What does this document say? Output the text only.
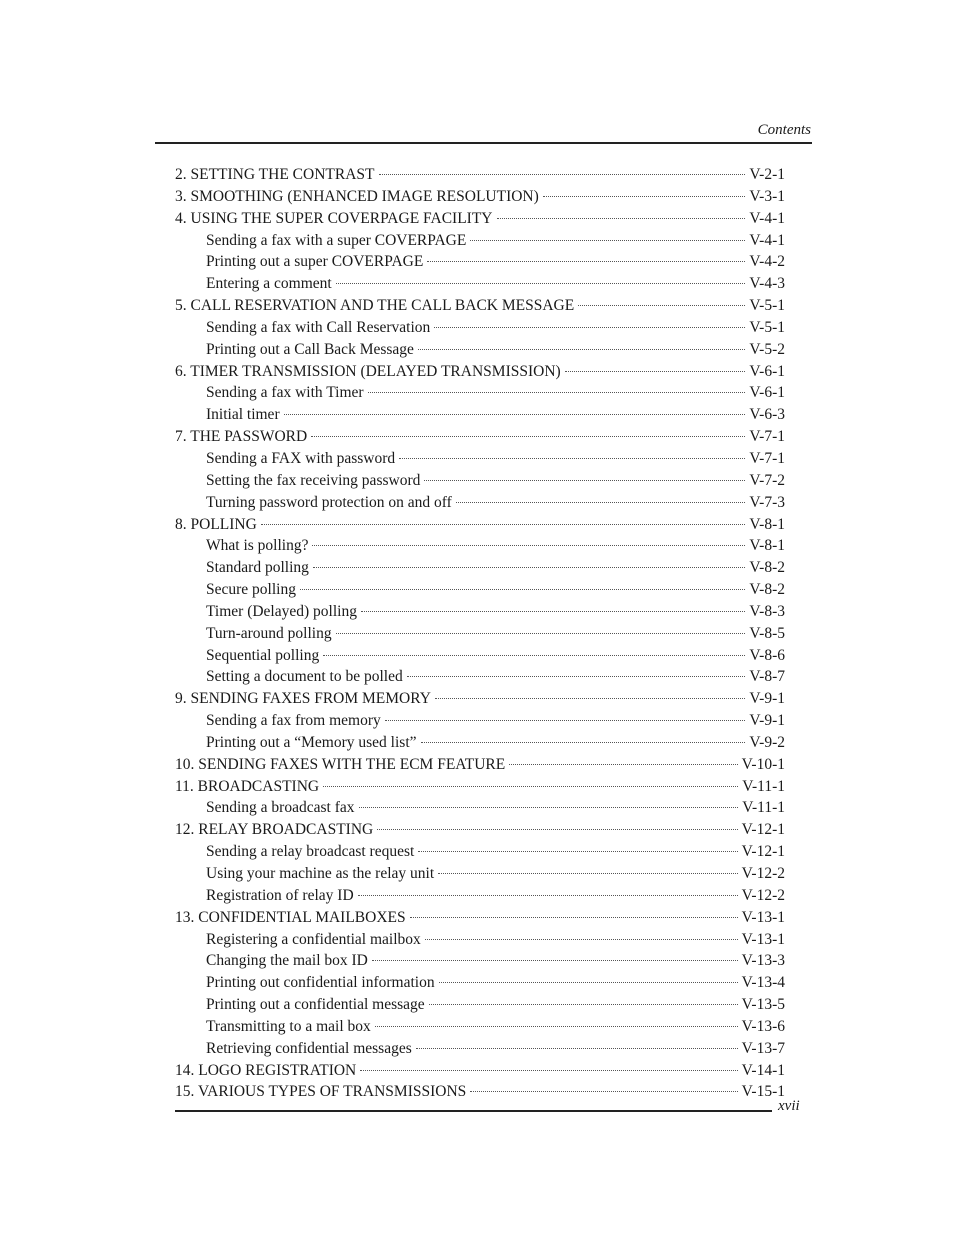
Contents
2. SETTING THE CONTRAST	V-2-1
3. SMOOTHING (ENHANCED IMAGE RESOLUTION)	V-3-1
4. USING THE SUPER COVERPAGE FACILITY	V-4-1
Sending a fax with a super COVERPAGE	V-4-1
Printing out a super COVERPAGE	V-4-2
Entering a comment	V-4-3
5. CALL RESERVATION AND THE CALL BACK MESSAGE	V-5-1
Sending a fax with Call Reservation	V-5-1
Printing out a Call Back Message	V-5-2
6. TIMER TRANSMISSION (DELAYED TRANSMISSION)	V-6-1
Sending a fax with Timer	V-6-1
Initial timer	V-6-3
7. THE PASSWORD	V-7-1
Sending a FAX with password	V-7-1
Setting the fax receiving password	V-7-2
Turning password protection on and off	V-7-3
8. POLLING	V-8-1
What is polling?	V-8-1
Standard polling	V-8-2
Secure polling	V-8-2
Timer (Delayed) polling	V-8-3
Turn-around polling	V-8-5
Sequential polling	V-8-6
Setting a document to be polled	V-8-7
9. SENDING FAXES FROM MEMORY	V-9-1
Sending a fax from memory	V-9-1
Printing out a “Memory used list”	V-9-2
10. SENDING FAXES WITH THE ECM FEATURE	V-10-1
11. BROADCASTING	V-11-1
Sending a broadcast fax	V-11-1
12. RELAY BROADCASTING	V-12-1
Sending a relay broadcast request	V-12-1
Using your machine as the relay unit	V-12-2
Registration of relay ID	V-12-2
13. CONFIDENTIAL MAILBOXES	V-13-1
Registering a confidential mailbox	V-13-1
Changing the mail box ID	V-13-3
Printing out confidential information	V-13-4
Printing out a confidential message	V-13-5
Transmitting to a mail box	V-13-6
Retrieving confidential messages	V-13-7
14. LOGO REGISTRATION	V-14-1
15. VARIOUS TYPES OF TRANSMISSIONS	V-15-1
xvii
